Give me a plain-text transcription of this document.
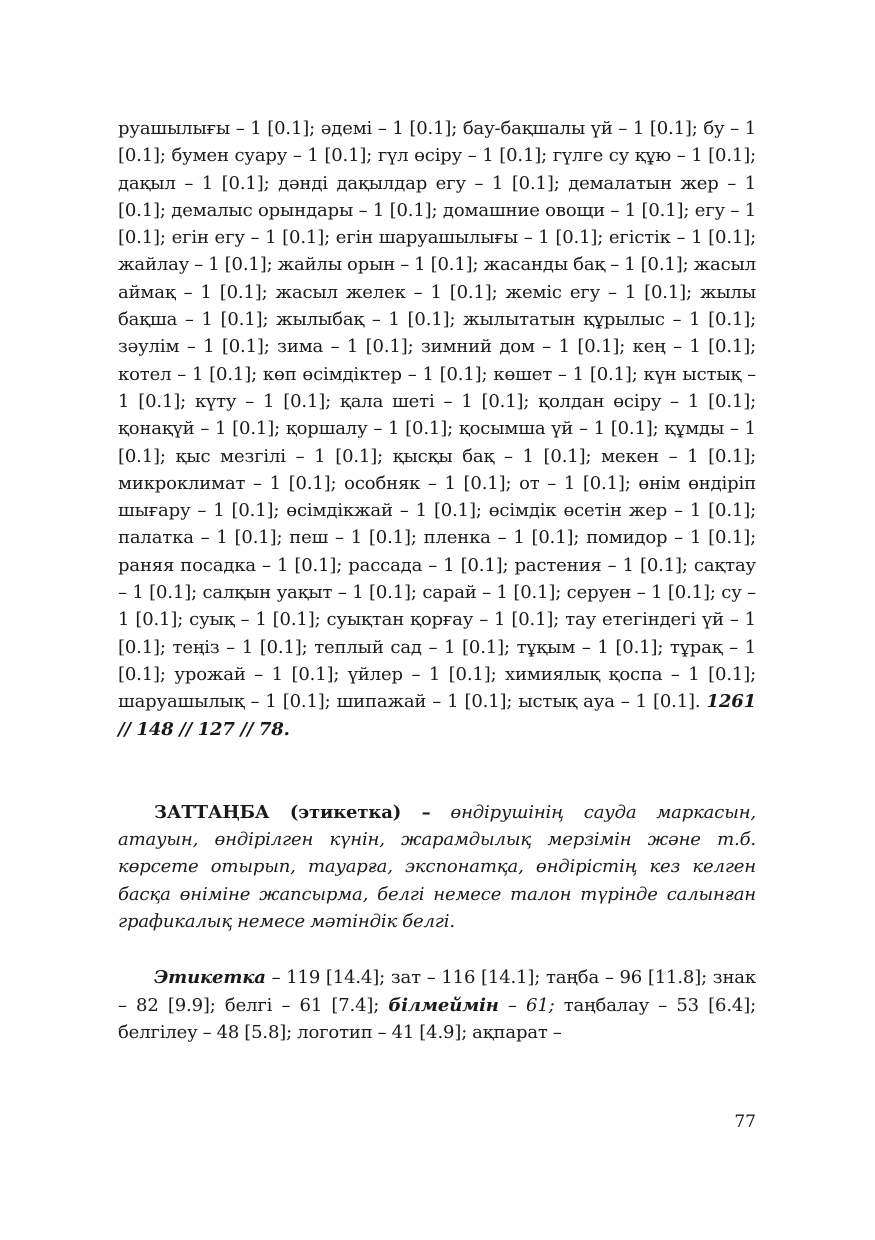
руашылығы – 1 [0.1]; әдемі – 1 [0.1]; бау-бақшалы үй – 1 [0.1]; бу – 1 [0.1]; бумен суару – 1 [0.1]; гүл өсіру – 1 [0.1]; гүлге су құю – 1 [0.1]; дақыл – 1 [0.1]; дәнді дақылдар егу – 1 [0.1]; демалатын жер – 1 [0.1]; демалыс орындары – 1 [0.1]; домашние овощи – 1 [0.1]; егу – 1 [0.1]; егін егу – 1 [0.1]; егін шаруашылығы – 1 [0.1]; егістік – 1 [0.1]; жайлау – 1 [0.1]; жайлы орын – 1 [0.1]; жасанды бақ – 1 [0.1]; жасыл аймақ – 1 [0.1]; жасыл желек – 1 [0.1]; жеміс егу – 1 [0.1]; жылы бақша – 1 [0.1]; жылыбақ – 1 [0.1]; жылытатын құрылыс – 1 [0.1]; зәулім – 1 [0.1]; зима – 1 [0.1]; зимний дом – 1 [0.1]; кең – 1 [0.1]; котел – 1 [0.1]; көп өсімдіктер – 1 [0.1]; көшет – 1 [0.1]; күн ыстық – 1 [0.1]; күту – 1 [0.1]; қала шеті – 1 [0.1]; қолдан өсіру – 1 [0.1]; қонақүй – 1 [0.1]; қоршалу – 1 [0.1]; қосымша үй – 1 [0.1]; құмды – 1 [0.1]; қыс мезгілі – 1 [0.1]; қысқы бақ – 1 [0.1]; мекен – 1 [0.1]; микроклимат – 1 [0.1]; особняк – 1 [0.1]; от – 1 [0.1]; өнім өндіріп шығару – 1 [0.1]; өсімдікжай – 1 [0.1]; өсімдік өсетін жер – 1 [0.1]; палатка – 1 [0.1]; пеш – 1 [0.1]; пленка – 1 [0.1]; помидор – 1 [0.1]; раняя посадка – 1 [0.1]; рассада – 1 [0.1]; растения – 1 [0.1]; сақтау – 1 [0.1]; салқын уақыт – 1 [0.1]; сарай – 1 [0.1]; серуен – 1 [0.1]; су – 1 [0.1]; суық – 1 [0.1]; суықтан қорғау – 1 [0.1]; тау етегіндегі үй – 1 [0.1]; теңіз – 1 [0.1]; теплый сад – 1 [0.1]; тұқым – 1 [0.1]; тұрақ – 1 [0.1]; урожай – 1 [0.1]; үйлер – 1 [0.1]; химиялық қоспа – 1 [0.1]; шаруашылық – 1 [0.1]; шипажай – 1 [0.1]; ыстық ауа – 1 [0.1]. 1261 // 148 // 127 // 78.

ЗАТТАҢБА (этикетка) – өндірушінің сауда маркасын, атауын, өндірілген күнін, жарамдылық мерзімін және т.б. көрсете отырып, тауарға, экспонатқа, өндірістің кез келген басқа өніміне жапсырма, белгі немесе талон түрінде салынған графикалық немесе мәтіндік белгі.

Этикетка – 119 [14.4]; зат – 116 [14.1]; таңба – 96 [11.8]; знак – 82 [9.9]; белгі – 61 [7.4]; білмеймін – 61; таңбалау – 53 [6.4]; белгілеу – 48 [5.8]; логотип – 41 [4.9]; ақпарат –

77
